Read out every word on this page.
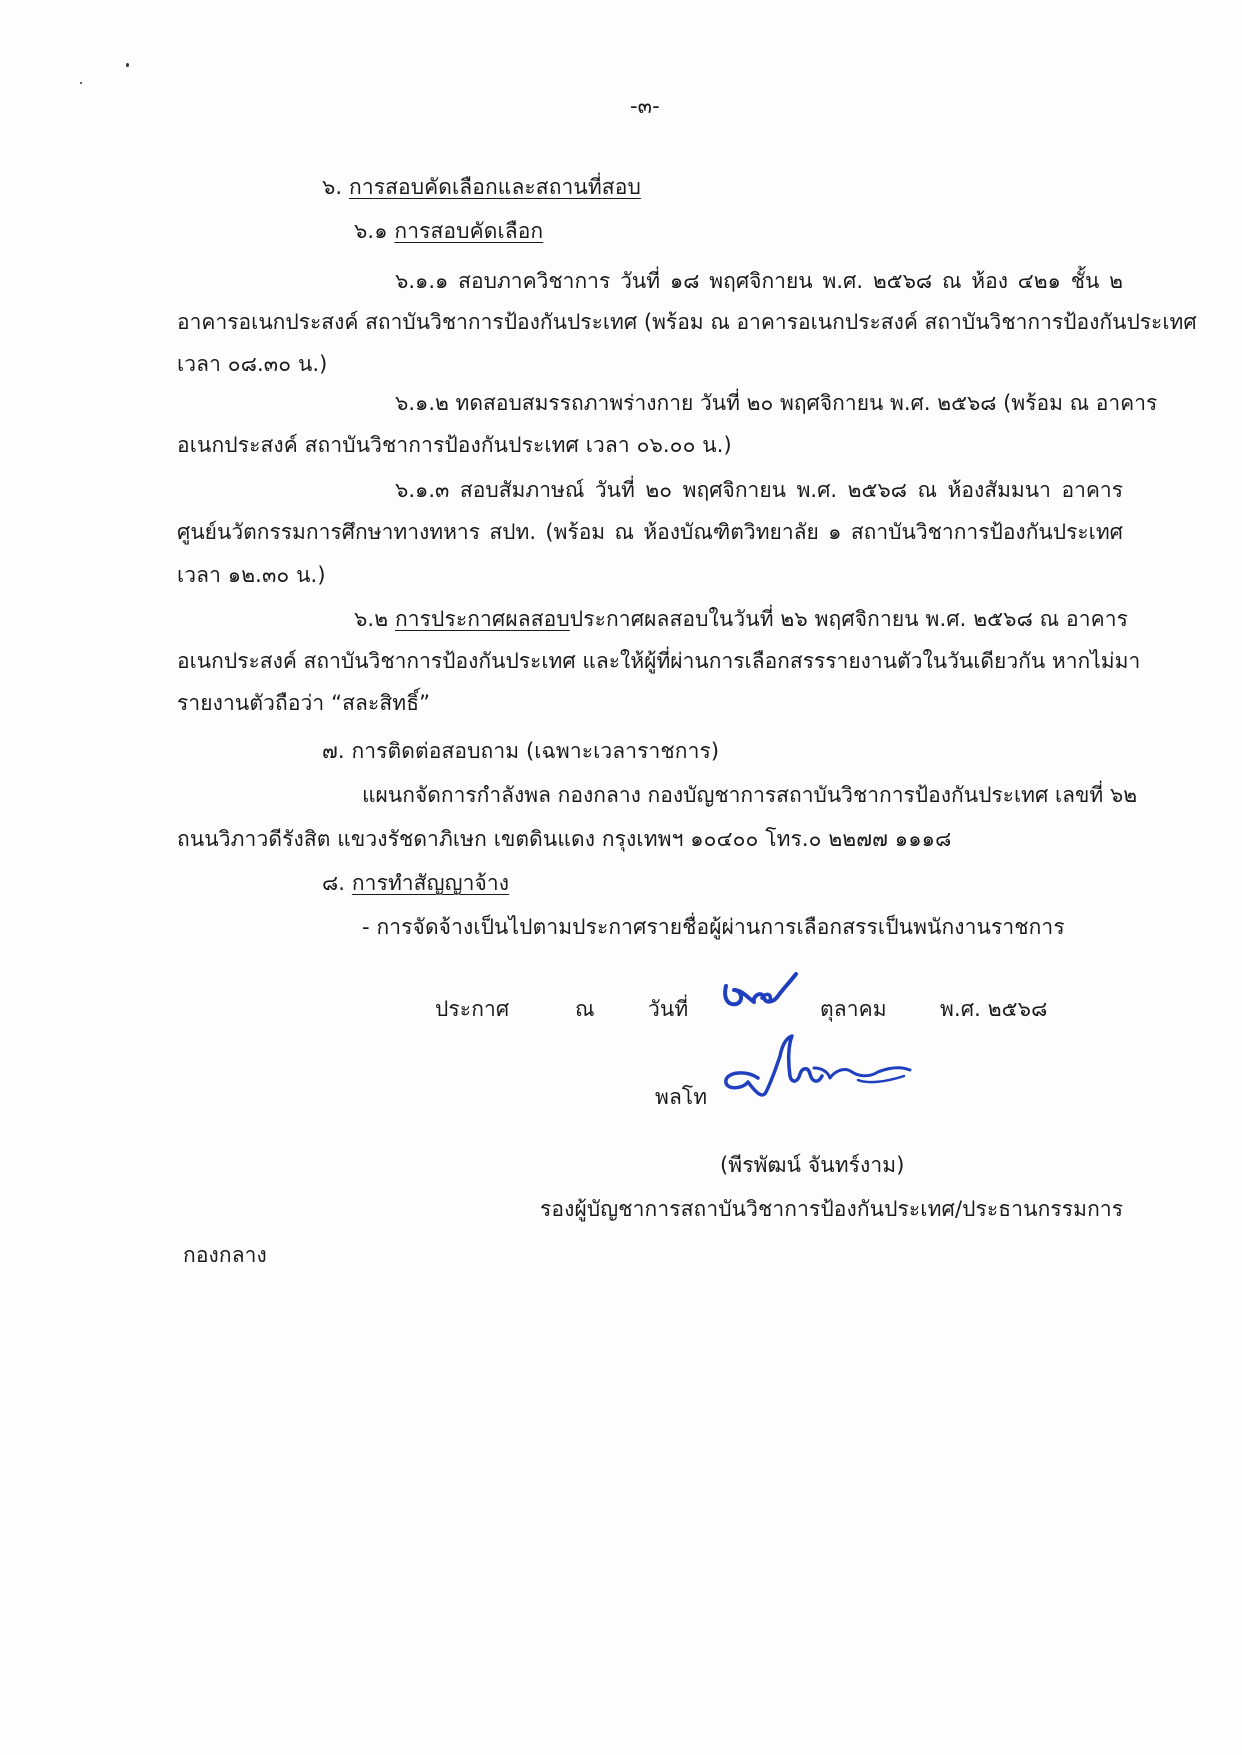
-๓-
๖. การสอบคัดเลือกและสถานที่สอบ
๖.๑ การสอบคัดเลือก
๖.๑.๑ สอบภาควิชาการ วันที่ ๑๘ พฤศจิกายน พ.ศ. ๒๕๖๘ ณ ห้อง ๔๒๑ ชั้น ๒
อาคารอเนกประสงค์ สถาบันวิชาการป้องกันประเทศ (พร้อม ณ อาคารอเนกประสงค์ สถาบันวิชาการป้องกันประเทศ
เวลา ๐๘.๓๐ น.)
๖.๑.๒ ทดสอบสมรรถภาพร่างกาย วันที่ ๒๐ พฤศจิกายน พ.ศ. ๒๕๖๘ (พร้อม ณ อาคาร
อเนกประสงค์ สถาบันวิชาการป้องกันประเทศ เวลา ๐๖.๐๐ น.)
๖.๑.๓ สอบสัมภาษณ์ วันที่ ๒๐ พฤศจิกายน พ.ศ. ๒๕๖๘ ณ ห้องสัมมนา อาคาร
ศูนย์นวัตกรรมการศึกษาทางทหาร สปท. (พร้อม ณ ห้องบัณฑิตวิทยาลัย ๑ สถาบันวิชาการป้องกันประเทศ
เวลา ๑๒.๓๐ น.)
๖.๒ การประกาศผลสอบ ประกาศผลสอบในวันที่ ๒๖ พฤศจิกายน พ.ศ. ๒๕๖๘ ณ อาคาร
อเนกประสงค์ สถาบันวิชาการป้องกันประเทศ และให้ผู้ที่ผ่านการเลือกสรรรายงานตัวในวันเดียวกัน หากไม่มา
รายงานตัวถือว่า “สละสิทธิ์”
๗. การติดต่อสอบถาม (เฉพาะเวลาราชการ)
แผนกจัดการกำลังพล กองกลาง กองบัญชาการสถาบันวิชาการป้องกันประเทศ เลขที่ ๖๒
ถนนวิภาวดีรังสิต แขวงรัชดาภิเษก เขตดินแดง กรุงเทพฯ ๑๐๔๐๐ โทร.๐ ๒๒๗๗ ๑๑๑๘
๘. การทำสัญญาจ้าง
- การจัดจ้างเป็นไปตามประกาศรายชื่อผู้ผ่านการเลือกสรรเป็นพนักงานราชการ
ประกาศ	ณ	วันที่	ตุลาคม	พ.ศ. ๒๕๖๘
พลโท
(พีรพัฒน์ จันทร์งาม)
รองผู้บัญชาการสถาบันวิชาการป้องกันประเทศ/ประธานกรรมการ
กองกลาง
